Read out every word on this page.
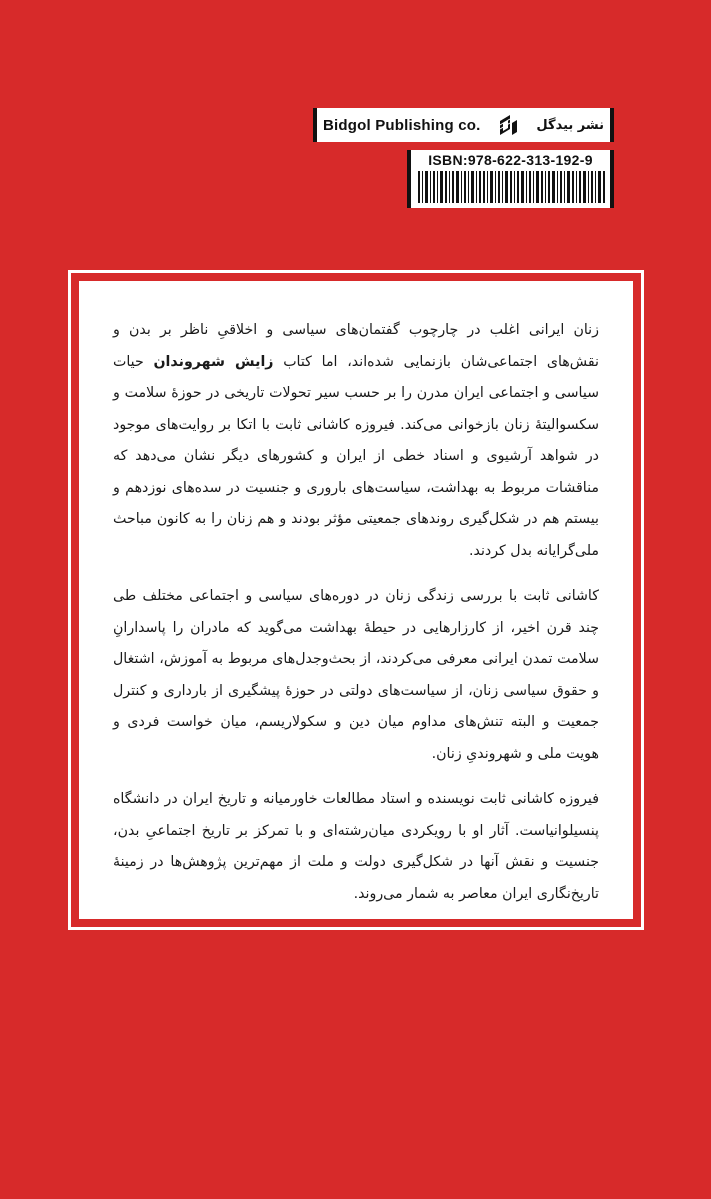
Bidgol Publishing co.	نشر بیدگل
ISBN:978-622-313-192-9

زنان ایرانی اغلب در چارچوب گفتمان‌های سیاسی و اخلاقیِ ناظر بر بدن و نقش‌های اجتماعی‌شان بازنمایی شده‌اند، اما کتاب زایش شهروندان حیات سیاسی و اجتماعی ایران مدرن را بر حسب سیر تحولات تاریخی در حوزهٔ سلامت و سکسوالیتهٔ زنان بازخوانی می‌کند. فیروزه کاشانی ثابت با اتکا بر روایت‌های موجود در شواهد آرشیوی و اسناد خطی از ایران و کشورهای دیگر نشان می‌دهد که مناقشات مربوط به بهداشت، سیاست‌های باروری و جنسیت در سده‌های نوزدهم و بیستم هم در شکل‌گیری روندهای جمعیتی مؤثر بودند و هم زنان را به کانون مباحث ملی‌گرایانه بدل کردند.

کاشانی ثابت با بررسی زندگی زنان در دوره‌های سیاسی و اجتماعی مختلف طی چند قرن اخیر، از کارزارهایی در حیطهٔ بهداشت می‌گوید که مادران را پاسدارانِ سلامت تمدن ایرانی معرفی می‌کردند، از بحث‌وجدل‌های مربوط به آموزش، اشتغال و حقوق سیاسی زنان، از سیاست‌های دولتی در حوزهٔ پیشگیری از بارداری و کنترل جمعیت و البته تنش‌های مداوم میان دین و سکولاریسم، میان خواست فردی و هویت ملی و شهروندیِ زنان.

فیروزه کاشانی ثابت نویسنده و استاد مطالعات خاورمیانه و تاریخ ایران در دانشگاه پنسیلوانیاست. آثار او با رویکردی میان‌رشته‌ای و با تمرکز بر تاریخ اجتماعیِ بدن، جنسیت و نقش آنها در شکل‌گیری دولت و ملت از مهم‌ترین پژوهش‌ها در زمینهٔ تاریخ‌نگاری ایران معاصر به شمار می‌روند.
